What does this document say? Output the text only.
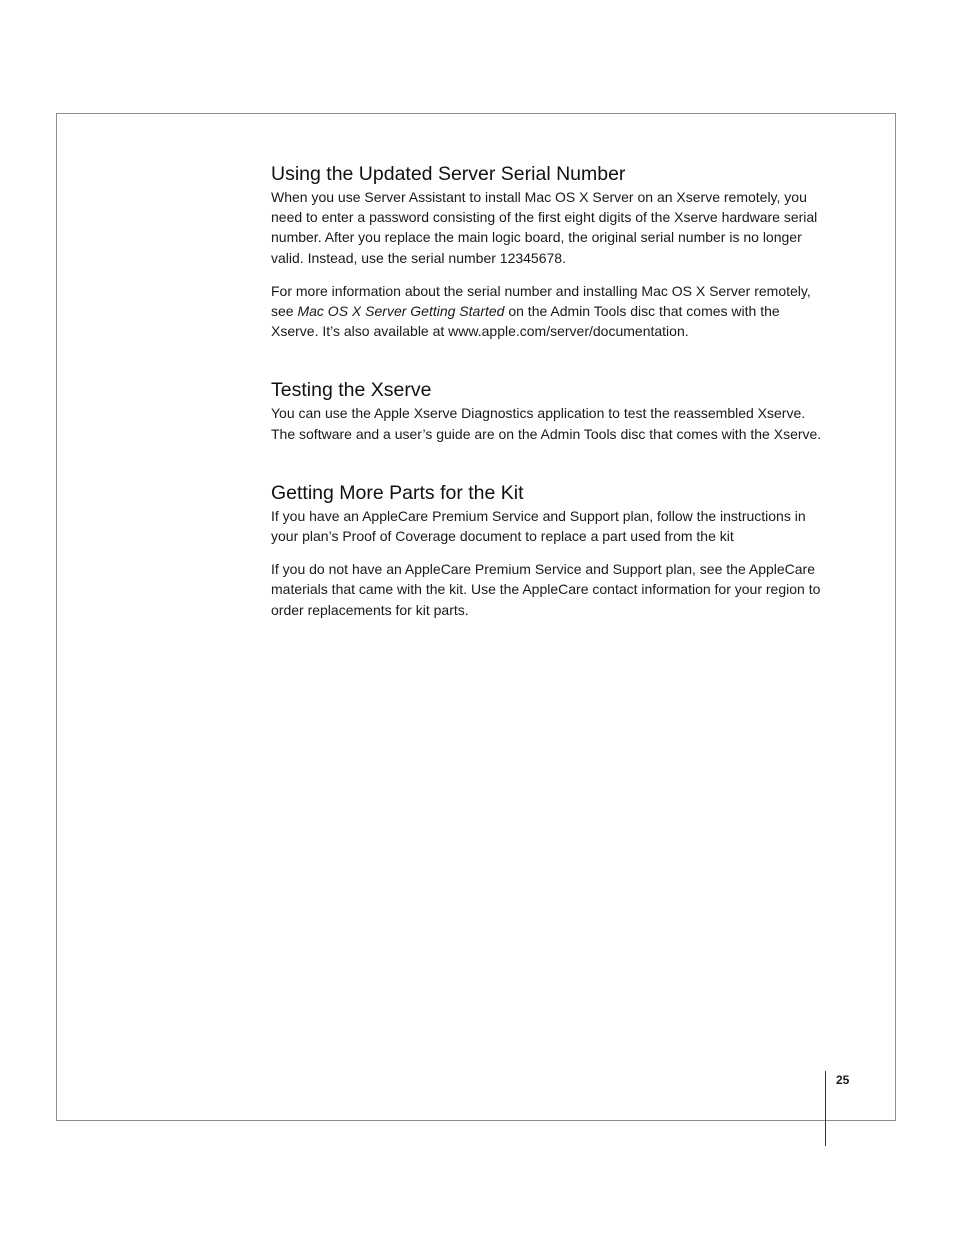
Using the Updated Server Serial Number

When you use Server Assistant to install Mac OS X Server on an Xserve remotely, you need to enter a password consisting of the first eight digits of the Xserve hardware serial number. After you replace the main logic board, the original serial number is no longer valid. Instead, use the serial number 12345678.

For more information about the serial number and installing Mac OS X Server remotely, see Mac OS X Server Getting Started on the Admin Tools disc that comes with the Xserve. It’s also available at www.apple.com/server/documentation.

Testing the Xserve

You can use the Apple Xserve Diagnostics application to test the reassembled Xserve. The software and a user’s guide are on the Admin Tools disc that comes with the Xserve.

Getting More Parts for the Kit

If you have an AppleCare Premium Service and Support plan, follow the instructions in your plan’s Proof of Coverage document to replace a part used from the kit

If you do not have an AppleCare Premium Service and Support plan, see the AppleCare materials that came with the kit. Use the AppleCare contact information for your region to order replacements for kit parts.

25
